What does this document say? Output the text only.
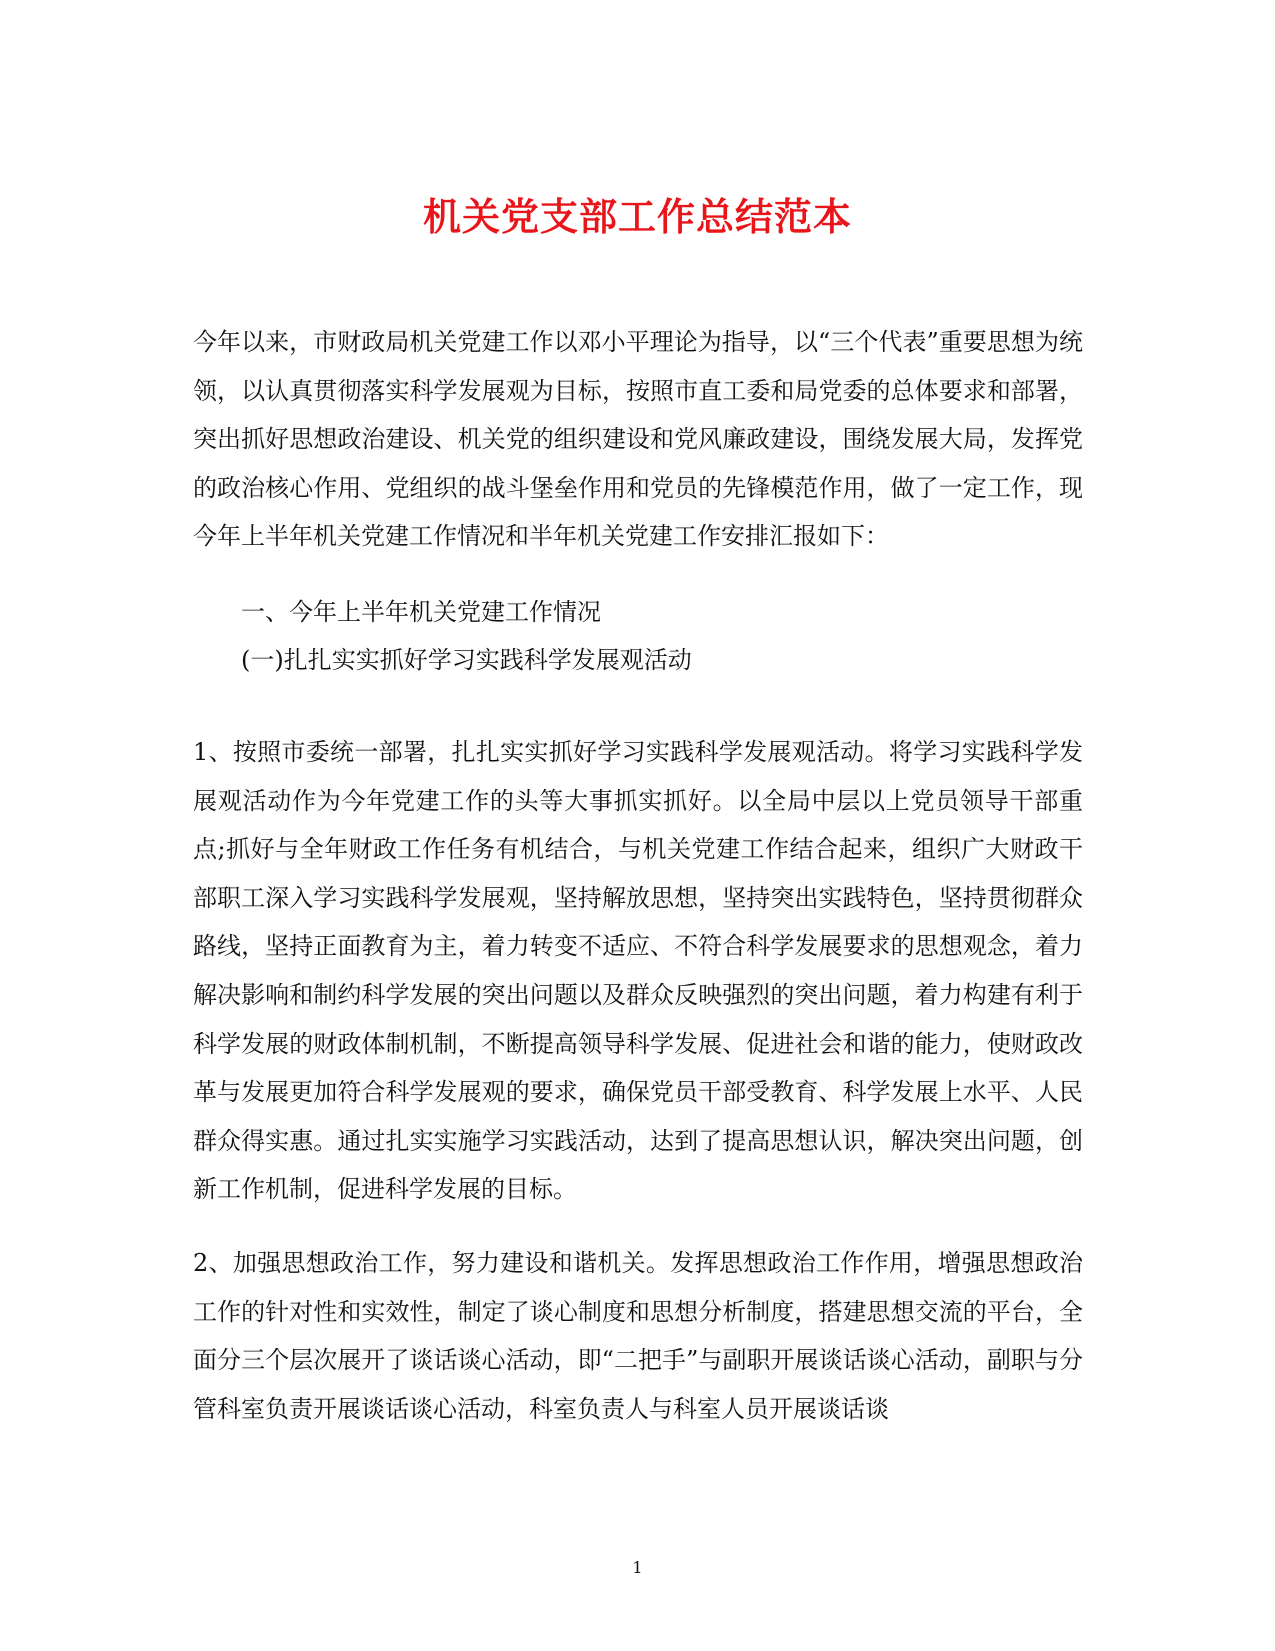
机关党支部工作总结范本

今年以来，市财政局机关党建工作以邓小平理论为指导，以“三个代表”重要思想为统领，以认真贯彻落实科学发展观为目标，按照市直工委和局党委的总体要求和部署，突出抓好思想政治建设、机关党的组织建设和党风廉政建设，围绕发展大局，发挥党的政治核心作用、党组织的战斗堡垒作用和党员的先锋模范作用，做了一定工作，现今年上半年机关党建工作情况和半年机关党建工作安排汇报如下：

一、今年上半年机关党建工作情况

(一)扎扎实实抓好学习实践科学发展观活动

1、按照市委统一部署，扎扎实实抓好学习实践科学发展观活动。将学习实践科学发展观活动作为今年党建工作的头等大事抓实抓好。以全局中层以上党员领导干部重点;抓好与全年财政工作任务有机结合，与机关党建工作结合起来，组织广大财政干部职工深入学习实践科学发展观，坚持解放思想，坚持突出实践特色，坚持贯彻群众路线，坚持正面教育为主，着力转变不适应、不符合科学发展要求的思想观念，着力解决影响和制约科学发展的突出问题以及群众反映强烈的突出问题，着力构建有利于科学发展的财政体制机制，不断提高领导科学发展、促进社会和谐的能力，使财政改革与发展更加符合科学发展观的要求，确保党员干部受教育、科学发展上水平、人民群众得实惠。通过扎实实施学习实践活动，达到了提高思想认识，解决突出问题，创新工作机制，促进科学发展的目标。

2、加强思想政治工作，努力建设和谐机关。发挥思想政治工作作用，增强思想政治工作的针对性和实效性，制定了谈心制度和思想分析制度，搭建思想交流的平台，全面分三个层次展开了谈话谈心活动，即“二把手”与副职开展谈话谈心活动，副职与分管科室负责开展谈话谈心活动，科室负责人与科室人员开展谈话谈

1
